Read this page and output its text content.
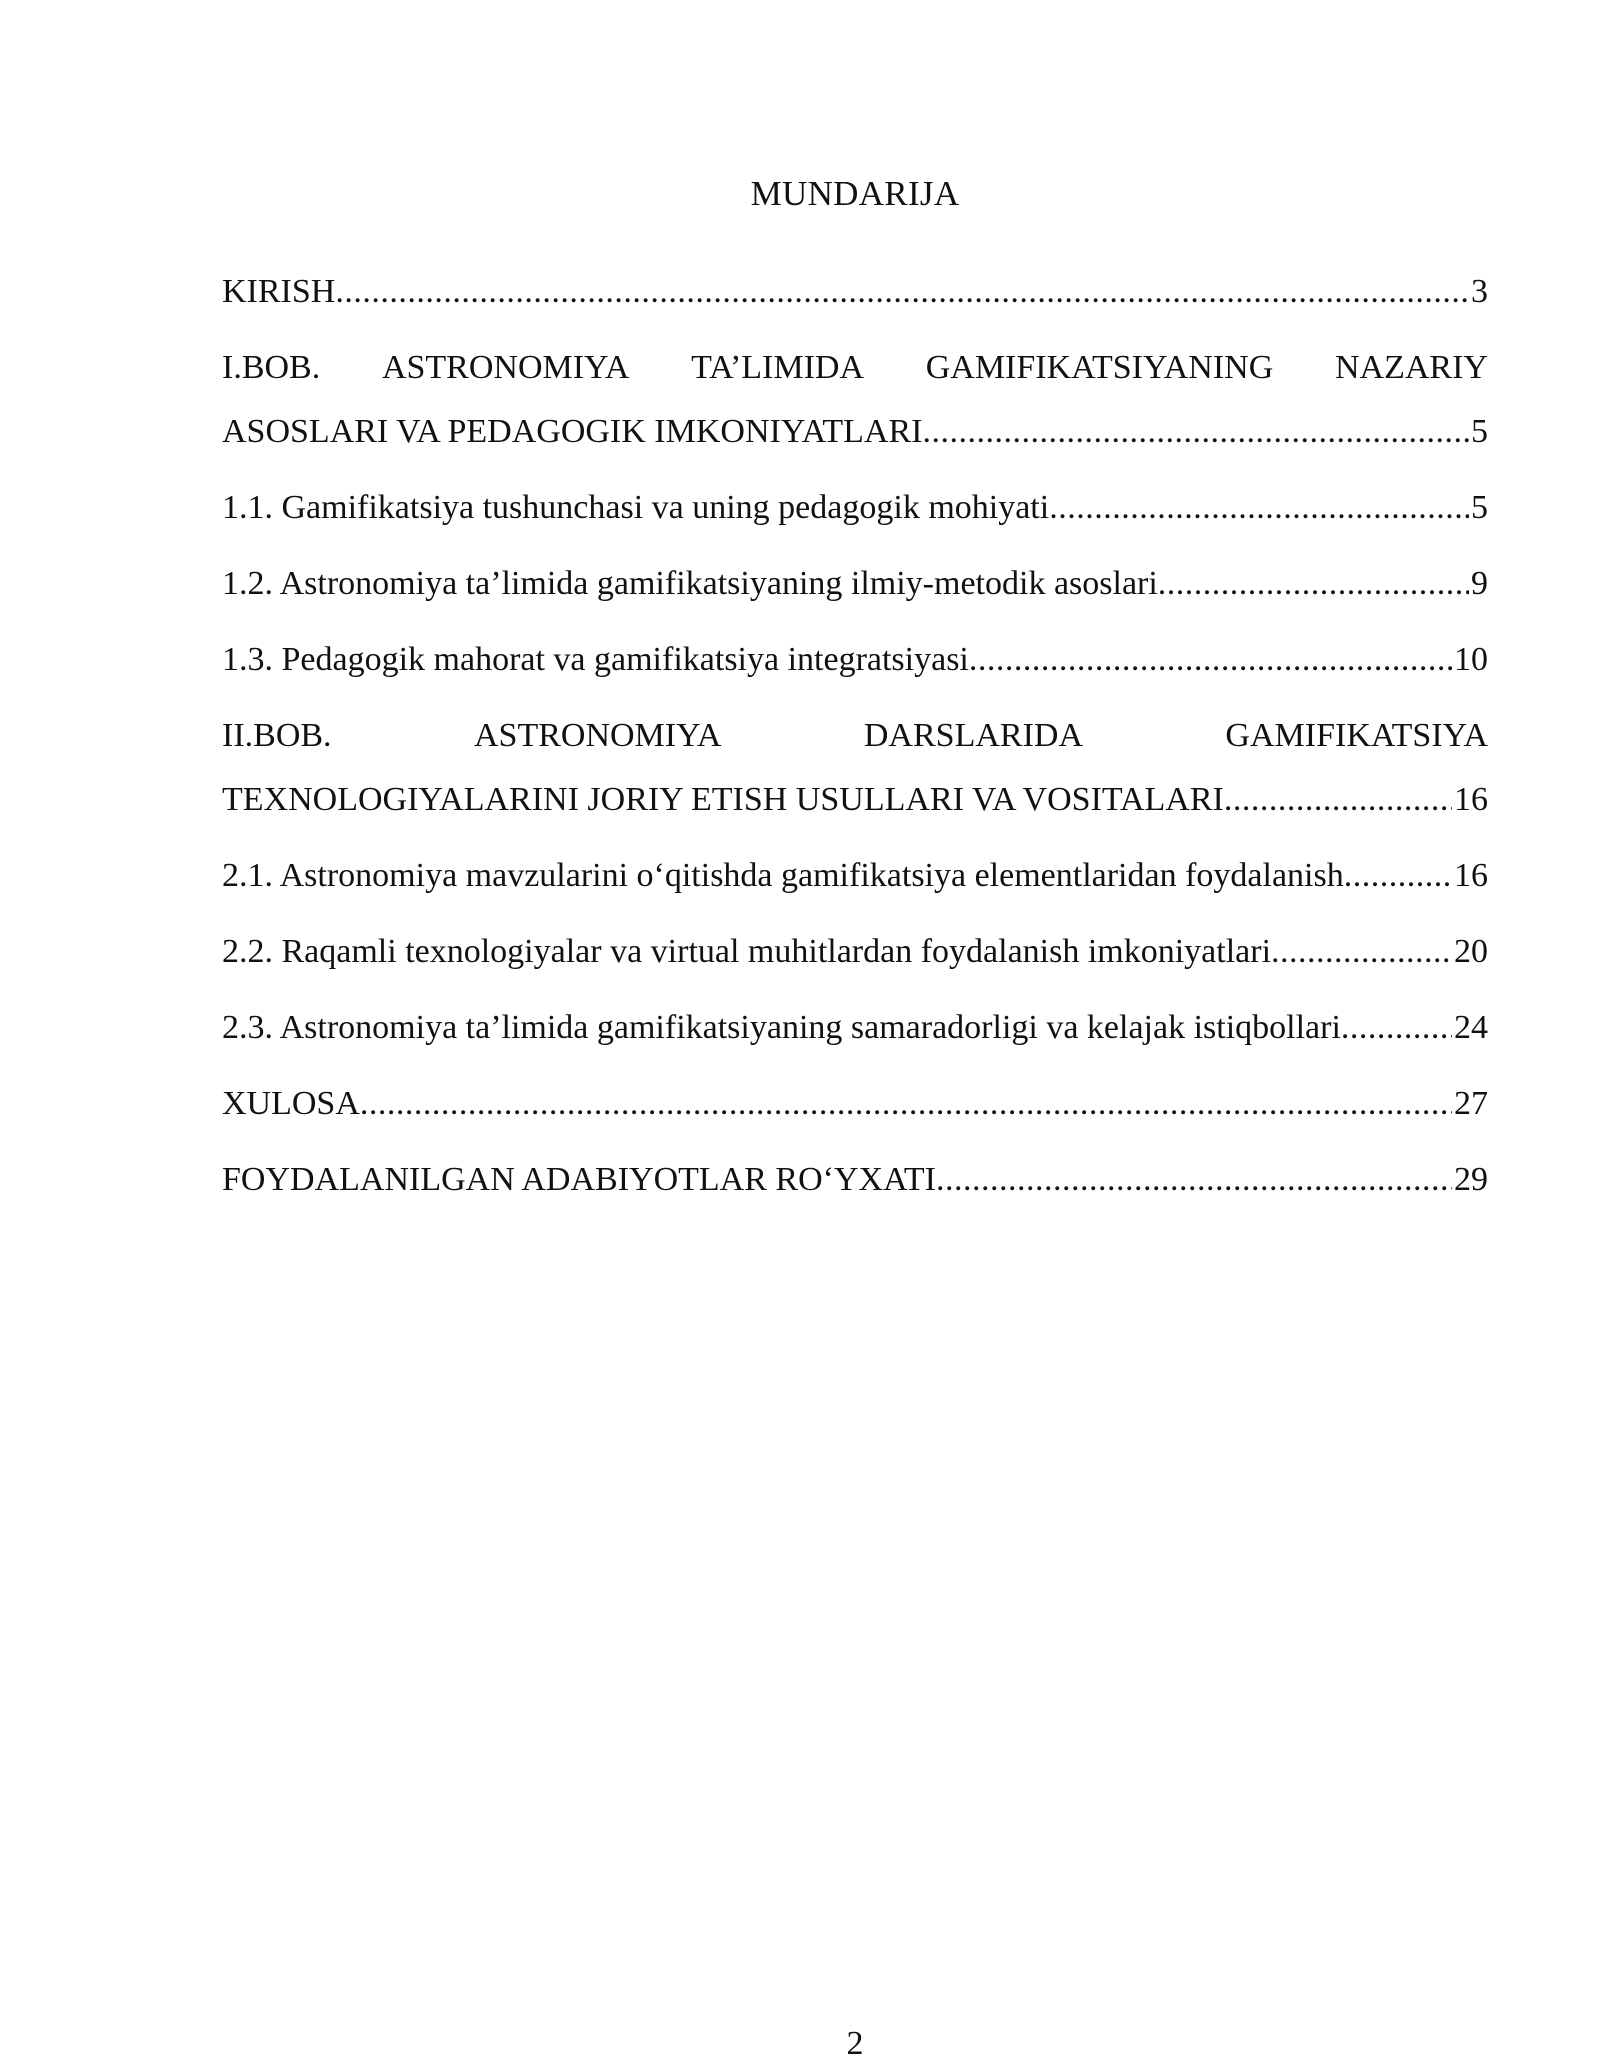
MUNDARIJA
KIRISH .....	3
I.BOB. ASTRONOMIYA TA’LIMIDA GAMIFIKATSIYANING NAZARIY
ASOSLARI VA PEDAGOGIK IMKONIYATLARI .....	5
1.1. Gamifikatsiya tushunchasi va uning pedagogik mohiyati .....	5
1.2. Astronomiya ta’limida gamifikatsiyaning ilmiy-metodik asoslari .....	9
1.3. Pedagogik mahorat va gamifikatsiya integratsiyasi .....	10
II.BOB.	ASTRONOMIYA	DARSLARIDA	GAMIFIKATSIYA
TEXNOLOGIYALARINI JORIY ETISH USULLARI VA VOSITALARI .....	16
2.1. Astronomiya mavzularini o‘qitishda gamifikatsiya elementlaridan foydalanish .....	16
2.2. Raqamli texnologiyalar va virtual muhitlardan foydalanish imkoniyatlari .....	20
2.3. Astronomiya ta’limida gamifikatsiyaning samaradorligi va kelajak istiqbollari .....	24
XULOSA .....	27
FOYDALANILGAN ADABIYOTLAR RO‘YXATI .....	29
2
